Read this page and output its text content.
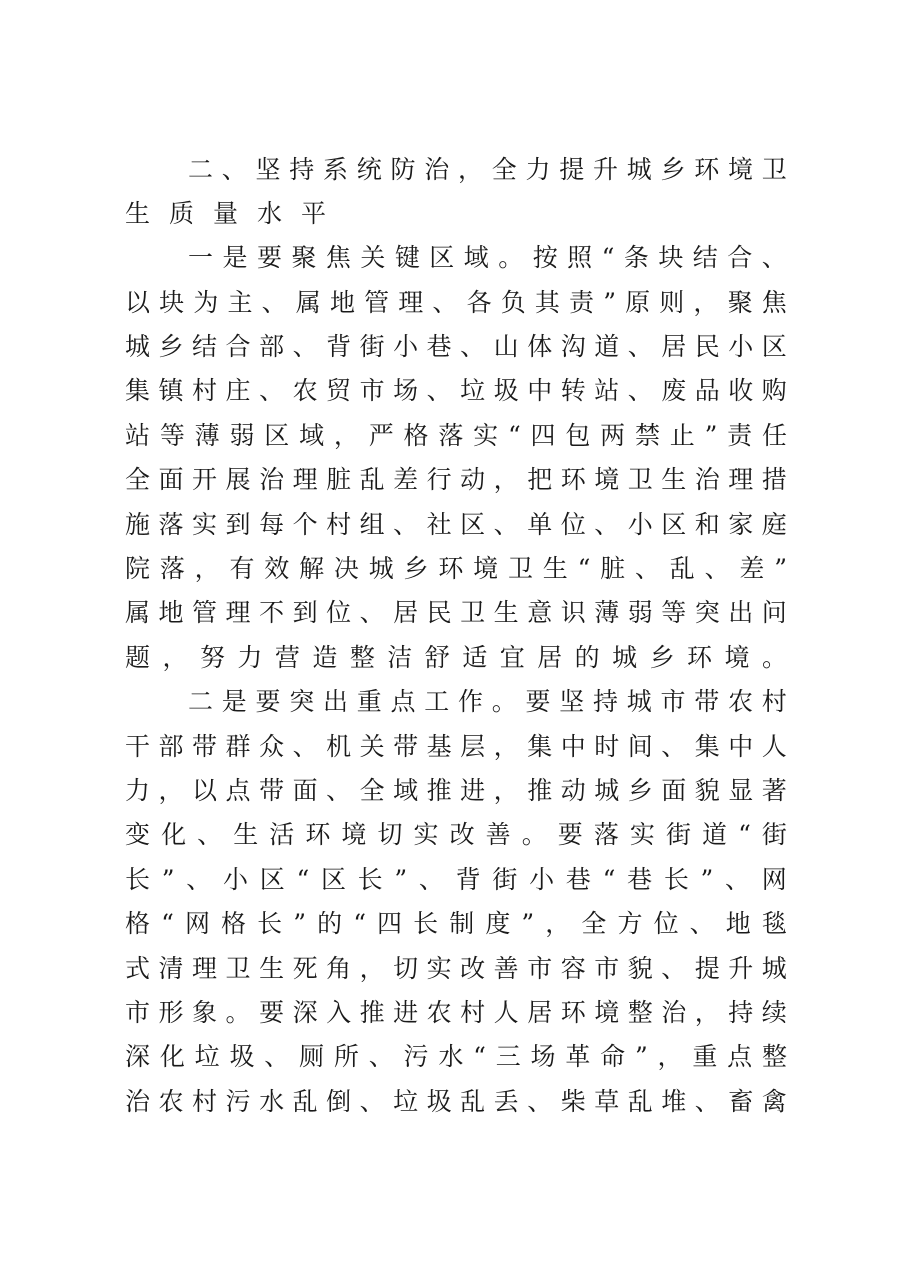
二 、 坚 持 系 统 防 治 ， 全 力 提 升 城 乡 环 境 卫
生质量水平
一 是 要 聚 焦 关 键 区 域 。 按 照 “ 条 块 结 合 、
以 块 为 主 、 属 地 管 理 、 各 负 其 责 ” 原 则 ， 聚 焦
城 乡 结 合 部 、 背 街 小 巷 、 山 体 沟 道 、 居 民 小 区
集 镇 村 庄 、 农 贸 市 场 、 垃 圾 中 转 站 、 废 品 收 购
站 等 薄 弱 区 域 ， 严 格 落 实 “ 四 包 两 禁 止 ” 责 任
全 面 开 展 治 理 脏 乱 差 行 动 ， 把 环 境 卫 生 治 理 措
施 落 实 到 每 个 村 组 、 社 区 、 单 位 、 小 区 和 家 庭
院 落 ， 有 效 解 决 城 乡 环 境 卫 生 “ 脏 、 乱 、 差 ”
属 地 管 理 不 到 位 、 居 民 卫 生 意 识 薄 弱 等 突 出 问
题 ， 努 力 营 造 整 洁 舒 适 宜 居 的 城 乡 环 境 。
二 是 要 突 出 重 点 工 作 。 要 坚 持 城 市 带 农 村
干 部 带 群 众 、 机 关 带 基 层 ， 集 中 时 间 、 集 中 人
力 ， 以 点 带 面 、 全 域 推 进 ， 推 动 城 乡 面 貌 显 著
变 化 、 生 活 环 境 切 实 改 善 。 要 落 实 街 道 “ 街
长 ” 、 小 区 “ 区 长 ” 、 背 街 小 巷 “ 巷 长 ” 、 网
格 “ 网 格 长 ” 的 “ 四 长 制 度 ” ， 全 方 位 、 地 毯
式 清 理 卫 生 死 角 ， 切 实 改 善 市 容 市 貌 、 提 升 城
市 形 象 。 要 深 入 推 进 农 村 人 居 环 境 整 治 ， 持 续
深 化 垃 圾 、 厕 所 、 污 水 “ 三 场 革 命 ” ， 重 点 整
治 农 村 污 水 乱 倒 、 垃 圾 乱 丢 、 柴 草 乱 堆 、 畜 禽
